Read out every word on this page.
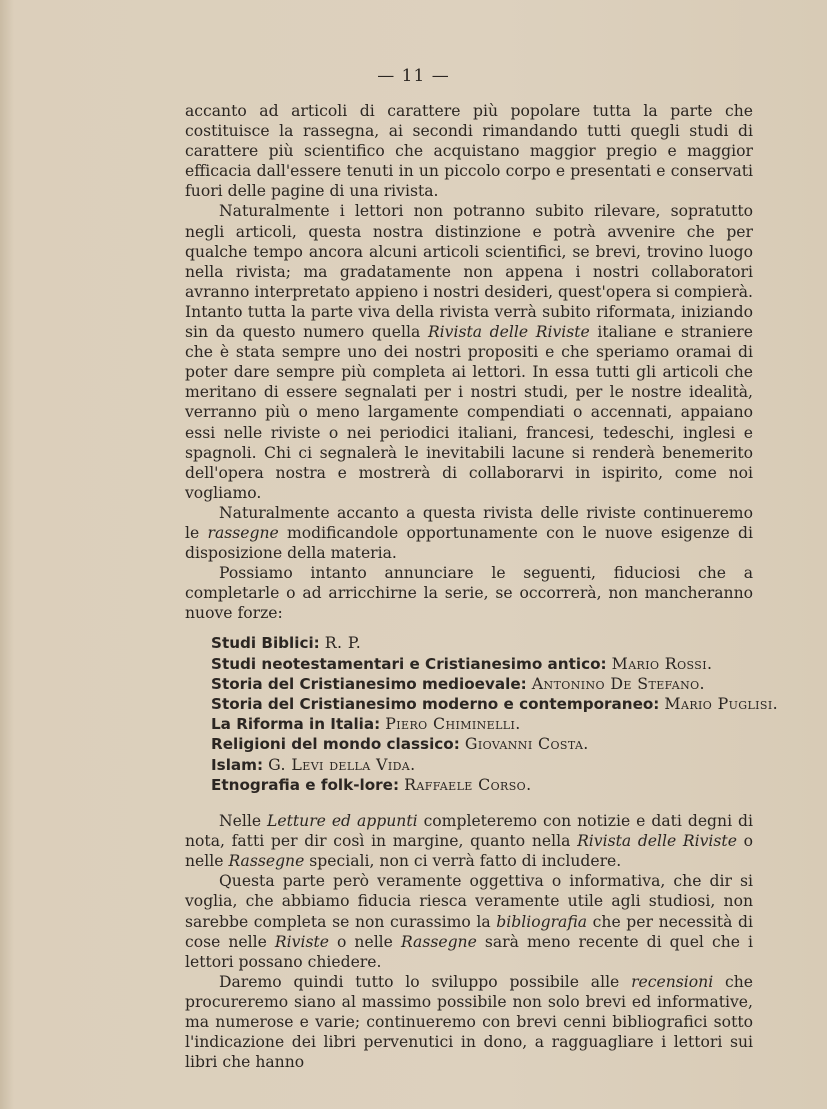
— 11 —

accanto ad articoli di carattere più popolare tutta la parte che costituisce la rassegna, ai secondi rimandando tutti quegli studi di carattere più scientifico che acquistano maggior pregio e maggior efficacia dall'essere tenuti in un piccolo corpo e presentati e conservati fuori delle pagine di una rivista.

Naturalmente i lettori non potranno subito rilevare, sopratutto negli articoli, questa nostra distinzione e potrà avvenire che per qualche tempo ancora alcuni articoli scientifici, se brevi, trovino luogo nella rivista; ma gradatamente non appena i nostri collaboratori avranno interpretato appieno i nostri desideri, quest'opera si compierà. Intanto tutta la parte viva della rivista verrà subito riformata, iniziando sin da questo numero quella Rivista delle Riviste italiane e straniere che è stata sempre uno dei nostri propositi e che speriamo oramai di poter dare sempre più completa ai lettori. In essa tutti gli articoli che meritano di essere segnalati per i nostri studi, per le nostre idealità, verranno più o meno largamente compendiati o accennati, appaiano essi nelle riviste o nei periodici italiani, francesi, tedeschi, inglesi e spagnoli. Chi ci segnalerà le inevitabili lacune si renderà benemerito dell'opera nostra e mostrerà di collaborarvi in ispirito, come noi vogliamo.

Naturalmente accanto a questa rivista delle riviste continueremo le rassegne modificandole opportunamente con le nuove esigenze di disposizione della materia.

Possiamo intanto annunciare le seguenti, fiduciosi che a completarle o ad arricchirne la serie, se occorrerà, non mancheranno nuove forze:

Studi Biblici: R. P.
Studi neotestamentari e Cristianesimo antico: Mario Rossi.
Storia del Cristianesimo medioevale: Antonino De Stefano.
Storia del Cristianesimo moderno e contemporaneo: Mario Puglisi.
La Riforma in Italia: Piero Chiminelli.
Religioni del mondo classico: Giovanni Costa.
Islam: G. Levi della Vida.
Etnografia e folk-lore: Raffaele Corso.

Nelle Letture ed appunti completeremo con notizie e dati degni di nota, fatti per dir così in margine, quanto nella Rivista delle Riviste o nelle Rassegne speciali, non ci verrà fatto di includere.

Questa parte però veramente oggettiva o informativa, che dir si voglia, che abbiamo fiducia riesca veramente utile agli studiosi, non sarebbe completa se non curassimo la bibliografia che per necessità di cose nelle Riviste o nelle Rassegne sarà meno recente di quel che i lettori possano chiedere.

Daremo quindi tutto lo sviluppo possibile alle recensioni che procureremo siano al massimo possibile non solo brevi ed informative, ma numerose e varie; continueremo con brevi cenni bibliografici sotto l'indicazione dei libri pervenutici in dono, a ragguagliare i lettori sui libri che hanno
